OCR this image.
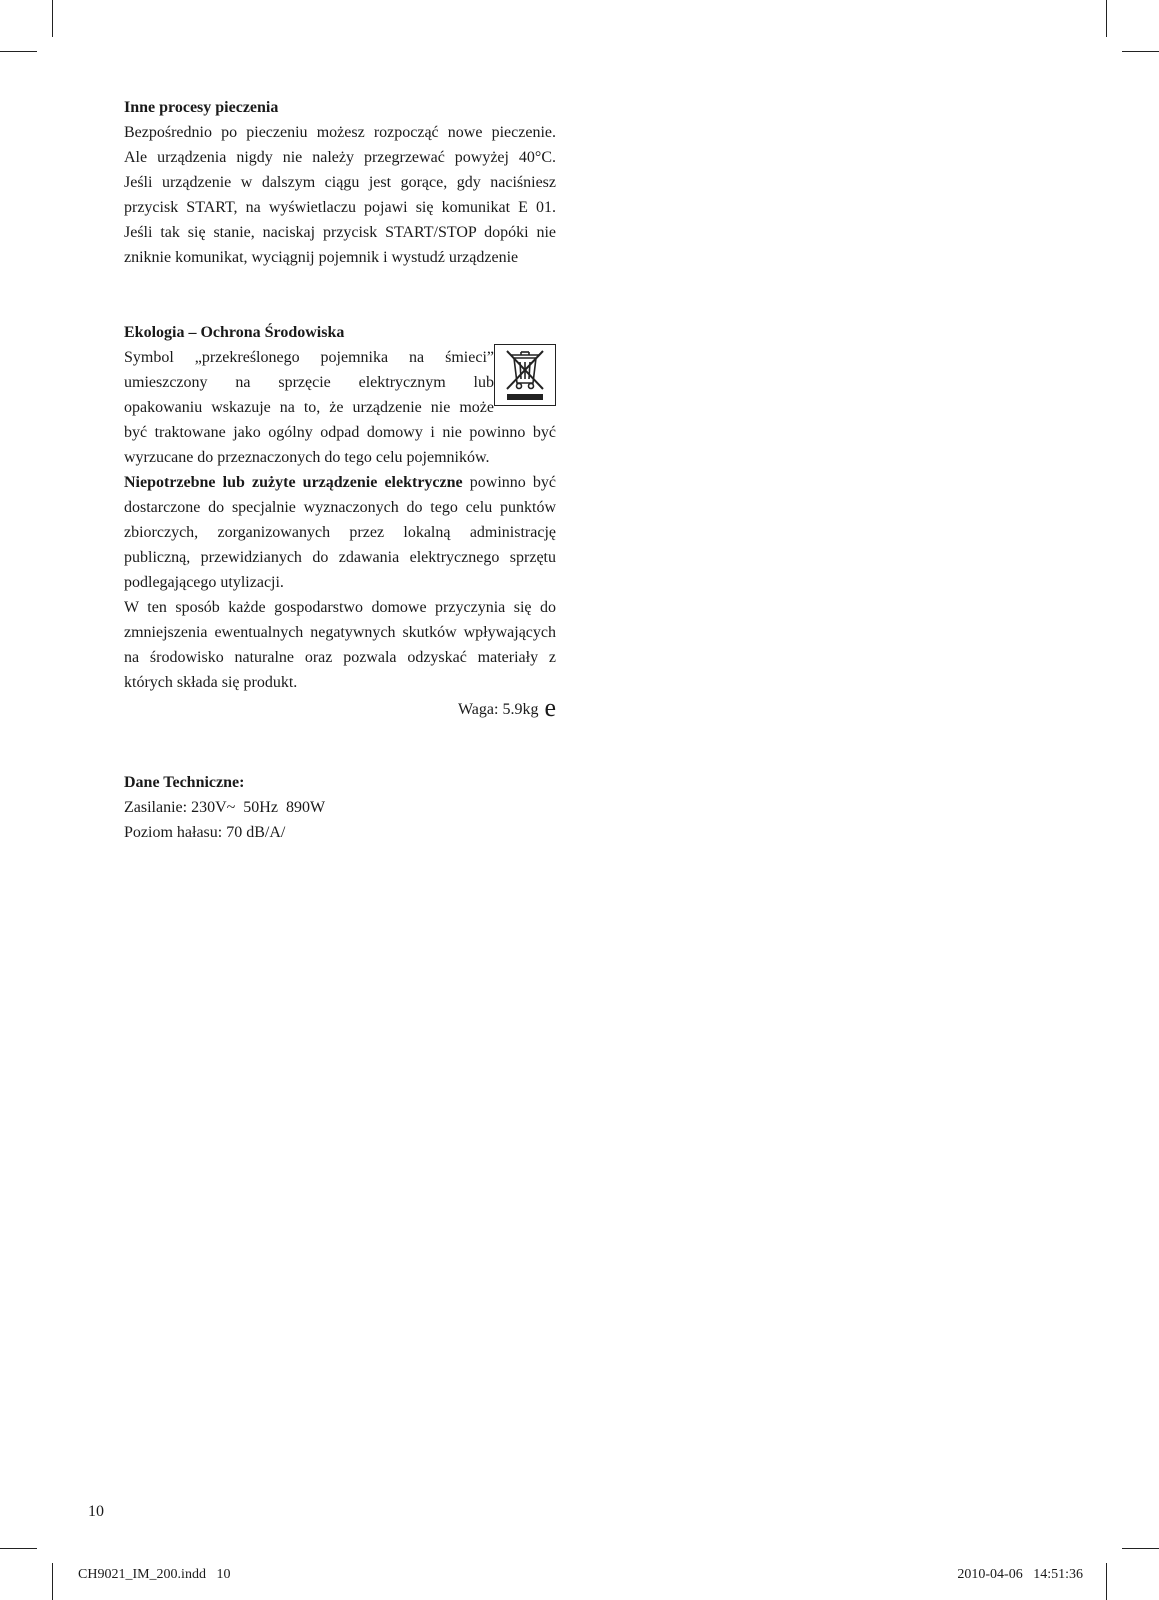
Inne procesy pieczenia

Bezpośrednio po pieczeniu możesz rozpocząć nowe pieczenie.

Ale urządzenia nigdy nie należy przegrzewać powyżej 40°C.

Jeśli urządzenie w dalszym ciągu jest gorące, gdy naciśniesz

przycisk START, na wyświetlaczu pojawi się komunikat E 01.

Jeśli tak się stanie, naciskaj przycisk START/STOP dopóki nie

zniknie komunikat, wyciągnij pojemnik i wystudź urządzenie

Ekologia – Ochrona Środowiska

Symbol „przekreślonego pojemnika na śmieci”

umieszczony na sprzęcie elektrycznym lub

opakowaniu wskazuje na to, że urządzenie nie może

być traktowane jako ogólny odpad domowy i nie powinno być wyrzucane do przeznaczonych do tego celu pojemników.

Niepotrzebne lub zużyte urządzenie elektryczne powinno być dostarczone do specjalnie wyznaczonych do tego celu punktów zbiorczych, zorganizowanych przez lokalną administrację publiczną, przewidzianych do zdawania elektrycznego sprzętu podlegającego utylizacji.

W ten sposób każde gospodarstwo domowe przyczynia się do zmniejszenia ewentualnych negatywnych skutków wpływających na środowisko naturalne oraz pozwala odzyskać materiały z których składa się produkt.

Waga: 5.9kg e

Dane Techniczne:

Zasilanie: 230V~  50Hz  890W

Poziom hałasu: 70 dB/A/

10
CH9021_IM_200.indd   10	2010-04-06   14:51:36
